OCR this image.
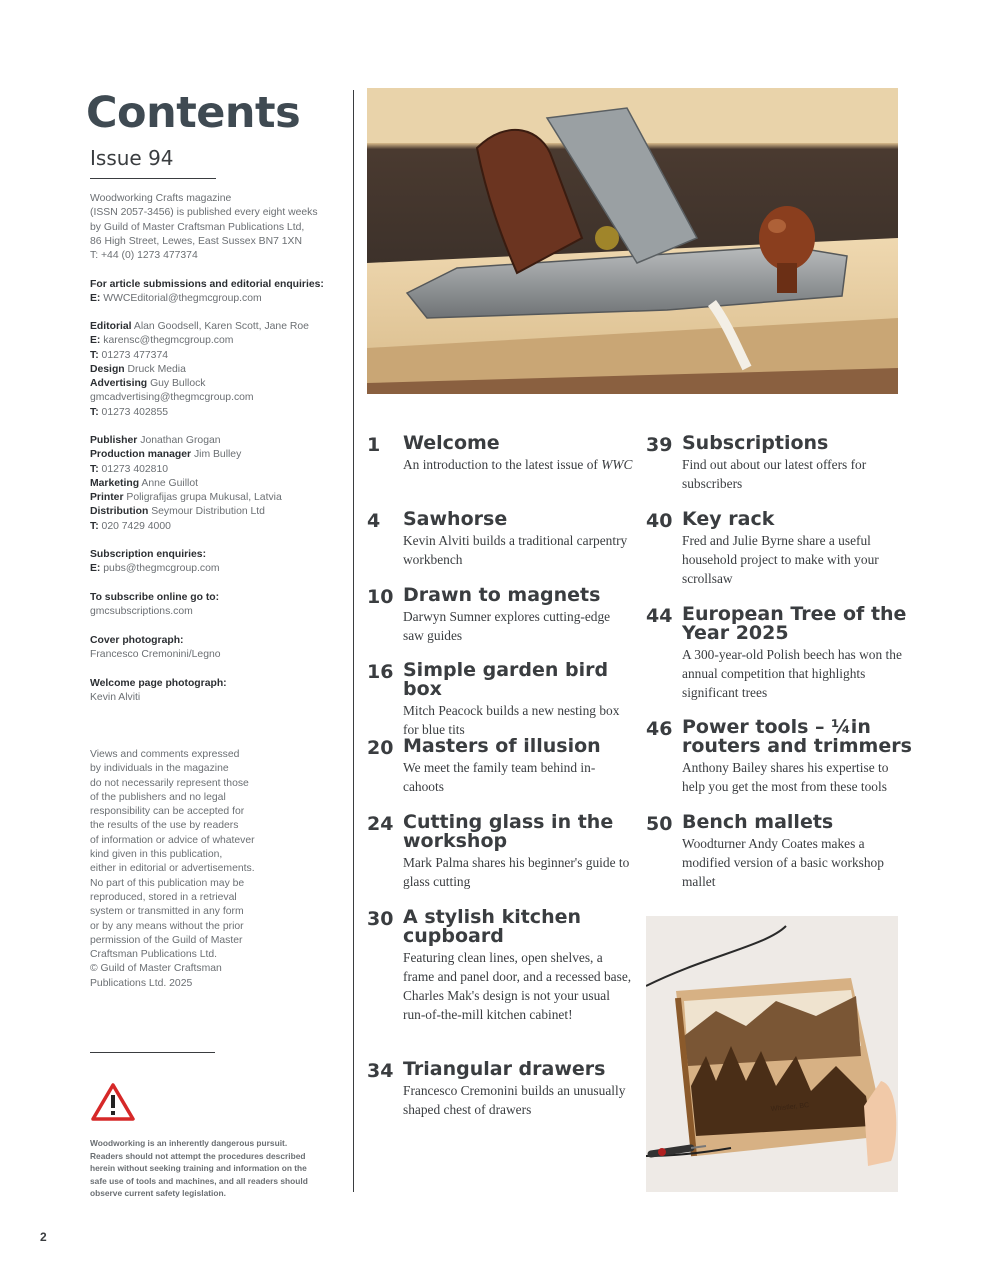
Contents
Issue 94
Woodworking Crafts magazine
(ISSN 2057-3456) is published every eight weeks
by Guild of Master Craftsman Publications Ltd,
86 High Street, Lewes, East Sussex BN7 1XN
T: +44 (0) 1273 477374
For article submissions and editorial enquiries:
E: WWCEditorial@thegmcgroup.com
Editorial Alan Goodsell, Karen Scott, Jane Roe
E: karensc@thegmcgroup.com
T: 01273 477374
Design Druck Media
Advertising Guy Bullock
gmcadvertising@thegmcgroup.com
T: 01273 402855
Publisher Jonathan Grogan
Production manager Jim Bulley
T: 01273 402810
Marketing Anne Guillot
Printer Poligrafijas grupa Mukusal, Latvia
Distribution Seymour Distribution Ltd
T: 020 7429 4000
Subscription enquiries:
E: pubs@thegmcgroup.com
To subscribe online go to:
gmcsubscriptions.com
Cover photograph:
Francesco Cremonini/Legno
Welcome page photograph:
Kevin Alviti
Views and comments expressed
by individuals in the magazine
do not necessarily represent those
of the publishers and no legal
responsibility can be accepted for
the results of the use by readers
of information or advice of whatever
kind given in this publication,
either in editorial or advertisements.
No part of this publication may be
reproduced, stored in a retrieval
system or transmitted in any form
or by any means without the prior
permission of the Guild of Master
Craftsman Publications Ltd.
© Guild of Master Craftsman
Publications Ltd. 2025
Woodworking is an inherently dangerous pursuit. Readers should not attempt the procedures described herein without seeking training and information on the safe use of tools and machines, and all readers should observe current safety legislation.
2
Whistler, BC
1 Welcome
An introduction to the latest issue of WWC
4 Sawhorse
Kevin Alviti builds a traditional carpentry workbench
10 Drawn to magnets
Darwyn Sumner explores cutting-edge saw guides
16 Simple garden bird box
Mitch Peacock builds a new nesting box for blue tits
20 Masters of illusion
We meet the family team behind in-cahoots
24 Cutting glass in the workshop
Mark Palma shares his beginner's guide to glass cutting
30 A stylish kitchen cupboard
Featuring clean lines, open shelves, a frame and panel door, and a recessed base, Charles Mak's design is not your usual run-of-the-mill kitchen cabinet!
34 Triangular drawers
Francesco Cremonini builds an unusually shaped chest of drawers
39 Subscriptions
Find out about our latest offers for subscribers
40 Key rack
Fred and Julie Byrne share a useful household project to make with your scrollsaw
44 European Tree of the Year 2025
A 300-year-old Polish beech has won the annual competition that highlights significant trees
46 Power tools – ¼in routers and trimmers
Anthony Bailey shares his expertise to help you get the most from these tools
50 Bench mallets
Woodturner Andy Coates makes a modified version of a basic workshop mallet
